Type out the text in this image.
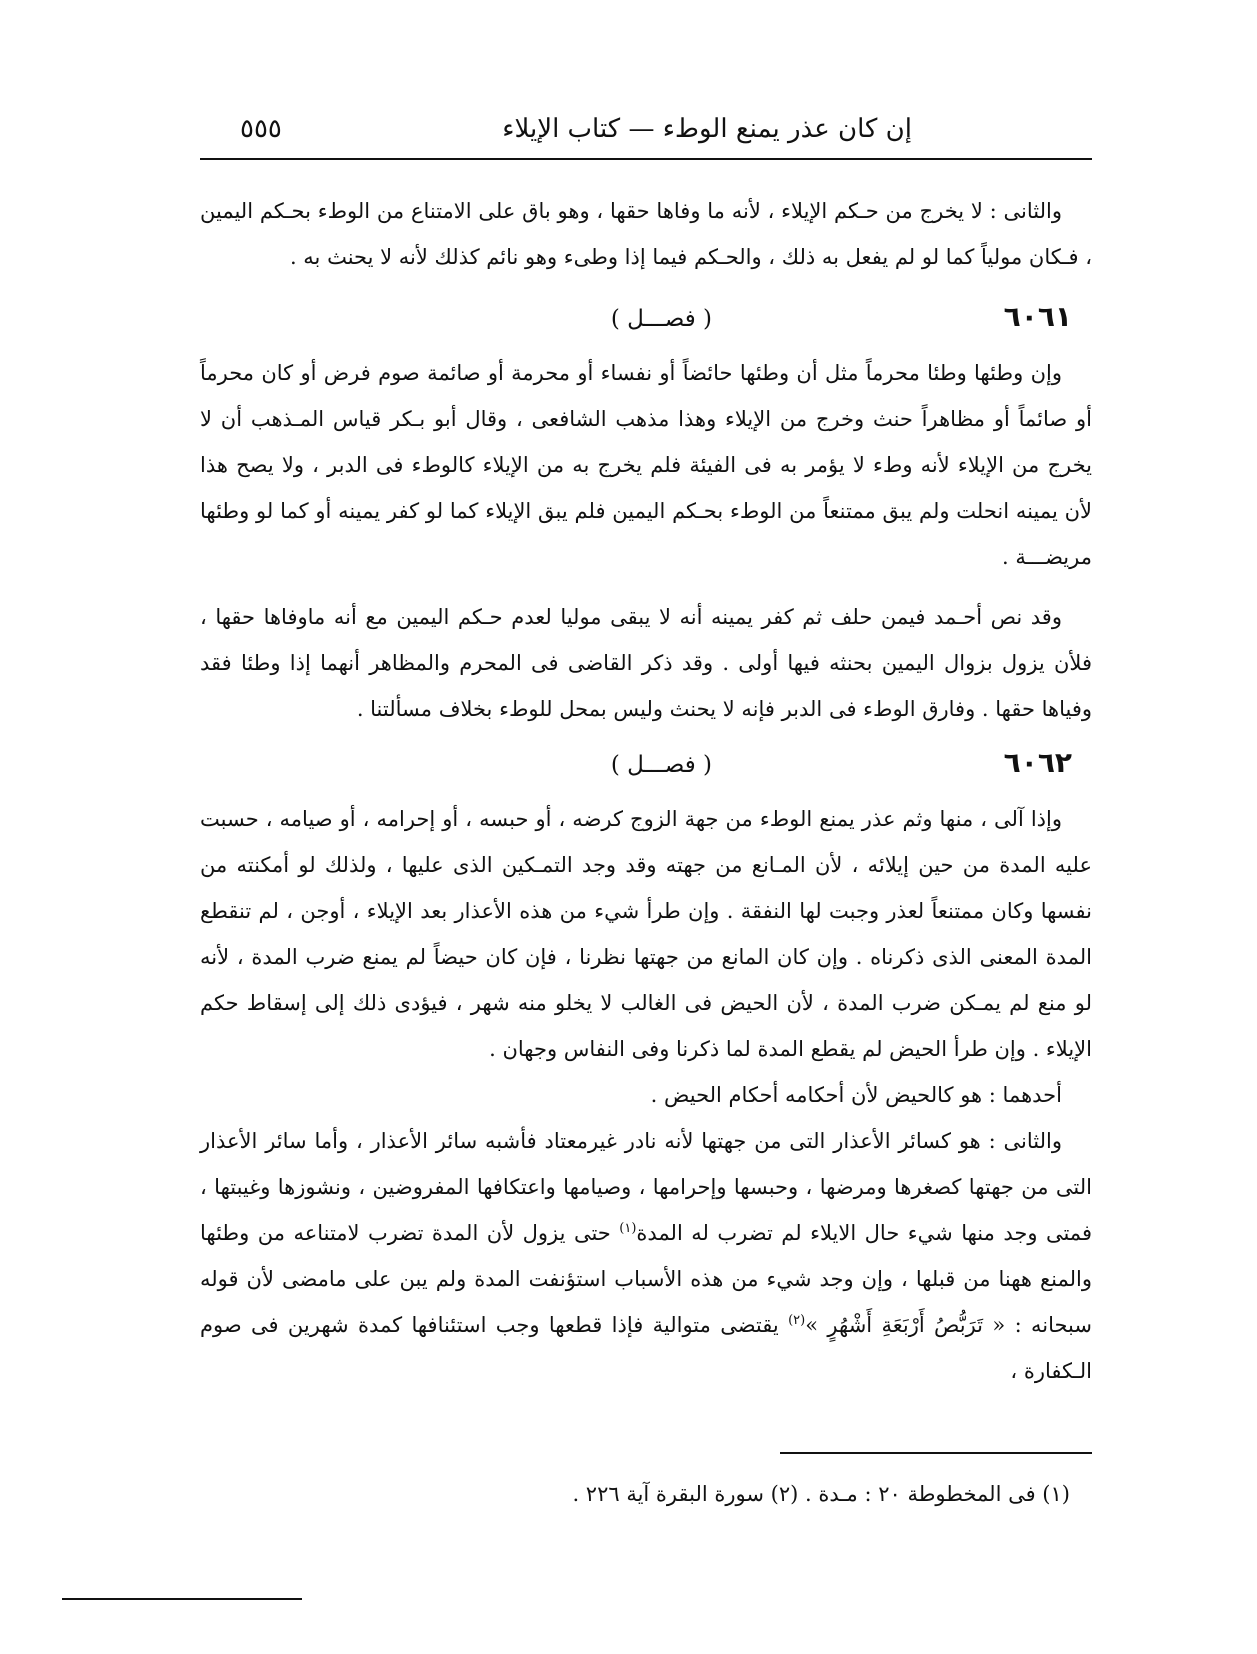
إن كان عذر يمنع الوطء — كتاب الإيلاء
٥٥٥

والثانى : لا يخرج من حـكم الإيلاء ، لأنه ما وفاها حقها ، وهو باق على الامتناع من الوطء بحـكم اليمين ، فـكان مولياً كما لو لم يفعل به ذلك ، والحـكم فيما إذا وطىء وهو نائم كذلك لأنه لا يحنث به .

٦٠٦١
( فصـــل )

وإن وطئها وطئا محرماً مثل أن وطئها حائضاً أو نفساء أو محرمة أو صائمة صوم فرض أو كان محرماً أو صائماً أو مظاهراً حنث وخرج من الإيلاء وهذا مذهب الشافعى ، وقال أبو بـكر قياس المـذهب أن لا يخرج من الإيلاء لأنه وطء لا يؤمر به فى الفيئة فلم يخرج به من الإيلاء كالوطء فى الدبر ، ولا يصح هذا لأن يمينه انحلت ولم يبق ممتنعاً من الوطء بحـكم اليمين فلم يبق الإيلاء كما لو كفر يمينه أو كما لو وطئها مريضـــة .

وقد نص أحـمد فيمن حلف ثم كفر يمينه أنه لا يبقى موليا لعدم حـكم اليمين مع أنه ماوفاها حقها ، فلأن يزول بزوال اليمين بحنثه فيها أولى . وقد ذكر القاضى فى المحرم والمظاهر أنهما إذا وطئا فقد وفياها حقها . وفارق الوطء فى الدبر فإنه لا يحنث وليس بمحل للوطء بخلاف مسألتنا .

٦٠٦٢
( فصـــل )

وإذا آلى ، منها وثم عذر يمنع الوطء من جهة الزوج كرضه ، أو حبسه ، أو إحرامه ، أو صيامه ، حسبت عليه المدة من حين إيلائه ، لأن المـانع من جهته وقد وجد التمـكين الذى عليها ، ولذلك لو أمكنته من نفسها وكان ممتنعاً لعذر وجبت لها النفقة . وإن طرأ شيء من هذه الأعذار بعد الإيلاء ، أوجن ، لم تنقطع المدة المعنى الذى ذكرناه . وإن كان المانع من جهتها نظرنا ، فإن كان حيضاً لم يمنع ضرب المدة ، لأنه لو منع لم يمـكن ضرب المدة ، لأن الحيض فى الغالب لا يخلو منه شهر ، فيؤدى ذلك إلى إسقاط حكم الإيلاء . وإن طرأ الحيض لم يقطع المدة لما ذكرنا وفى النفاس وجهان .

أحدهما : هو كالحيض لأن أحكامه أحكام الحيض .

والثانى : هو كسائر الأعذار التى من جهتها لأنه نادر غيرمعتاد فأشبه سائر الأعذار ، وأما سائر الأعذار التى من جهتها كصغرها ومرضها ، وحبسها وإحرامها ، وصيامها واعتكافها المفروضين ، ونشوزها وغيبتها ، فمتى وجد منها شيء حال الايلاء لم تضرب له المدة$^{(١)}$ حتى يزول لأن المدة تضرب لامتناعه من وطئها والمنع ههنا من قبلها ، وإن وجد شيء من هذه الأسباب استؤنفت المدة ولم يبن على مامضى لأن قوله سبحانه : « تَرَبُّصُ أَرْبَعَةِ أَشْهُرٍ »$^{(٢)}$ يقتضى متوالية فإذا قطعها وجب استئنافها كمدة شهرين فى صوم الـكفارة ،

(١) فى المخطوطة ٢٠ : مـدة . (٢) سورة البقرة آية ٢٢٦ .
